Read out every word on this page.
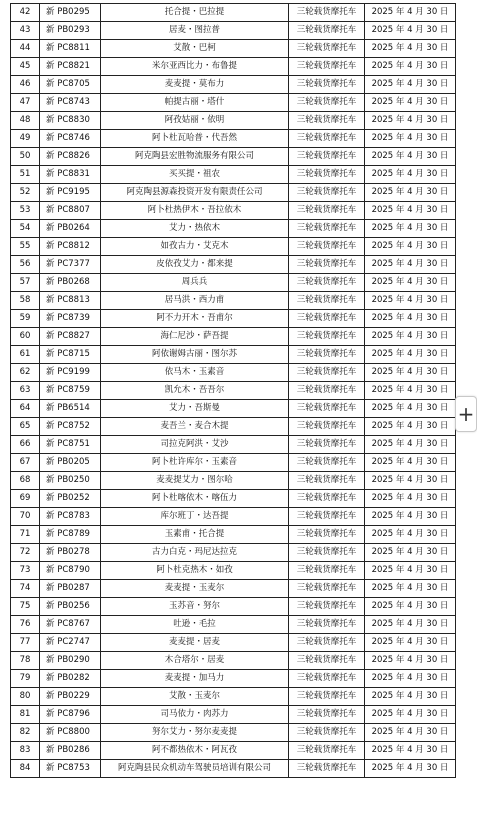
42	新 PB0295	托合提・巴拉提	三轮载货摩托车	2025 年 4 月 30 日
43	新 PB0293	居麦・图拉普	三轮载货摩托车	2025 年 4 月 30 日
44	新 PC8811	艾散・巴柯	三轮载货摩托车	2025 年 4 月 30 日
45	新 PC8821	米尔亚西比力・布鲁提	三轮载货摩托车	2025 年 4 月 30 日
46	新 PC8705	麦麦提・莫布力	三轮载货摩托车	2025 年 4 月 30 日
47	新 PC8743	帕提古丽・塔什	三轮载货摩托车	2025 年 4 月 30 日
48	新 PC8830	阿孜姑丽・依明	三轮载货摩托车	2025 年 4 月 30 日
49	新 PC8746	阿卜杜瓦哈普・代吾然	三轮载货摩托车	2025 年 4 月 30 日
50	新 PC8826	阿克陶县宏胜物流服务有限公司	三轮载货摩托车	2025 年 4 月 30 日
51	新 PC8831	买买提・祖农	三轮载货摩托车	2025 年 4 月 30 日
52	新 PC9195	阿克陶县源森投资开发有限责任公司	三轮载货摩托车	2025 年 4 月 30 日
53	新 PC8807	阿卜杜热伊木・吾拉依木	三轮载货摩托车	2025 年 4 月 30 日
54	新 PB0264	艾力・热依木	三轮载货摩托车	2025 年 4 月 30 日
55	新 PC8812	如孜古力・艾克木	三轮载货摩托车	2025 年 4 月 30 日
56	新 PC7377	皮依孜艾力・都来提	三轮载货摩托车	2025 年 4 月 30 日
57	新 PB0268	周兵兵	三轮载货摩托车	2025 年 4 月 30 日
58	新 PC8813	居马洪・西力甫	三轮载货摩托车	2025 年 4 月 30 日
59	新 PC8739	阿不力开木・吾甫尔	三轮载货摩托车	2025 年 4 月 30 日
60	新 PC8827	海仁尼沙・萨吾提	三轮载货摩托车	2025 年 4 月 30 日
61	新 PC8715	阿依谢姆古丽・图尔苏	三轮载货摩托车	2025 年 4 月 30 日
62	新 PC9199	依马木・玉素音	三轮载货摩托车	2025 年 4 月 30 日
63	新 PC8759	凯允木・吾吾尔	三轮载货摩托车	2025 年 4 月 30 日
64	新 PB6514	艾力・吾斯曼	三轮载货摩托车	2025 年 4 月 30 日
65	新 PC8752	麦吾兰・麦合木提	三轮载货摩托车	2025 年 4 月 30 日
66	新 PC8751	司拉克阿洪・艾沙	三轮载货摩托车	2025 年 4 月 30 日
67	新 PB0205	阿卜杜许库尔・玉素音	三轮载货摩托车	2025 年 4 月 30 日
68	新 PB0250	麦麦提艾力・图尔哈	三轮载货摩托车	2025 年 4 月 30 日
69	新 PB0252	阿卜杜喀依木・喀伍力	三轮载货摩托车	2025 年 4 月 30 日
70	新 PC8783	库尔班丁・达吾提	三轮载货摩托车	2025 年 4 月 30 日
71	新 PC8789	玉素甫・托合提	三轮载货摩托车	2025 年 4 月 30 日
72	新 PB0278	古力白克・玛尼达拉克	三轮载货摩托车	2025 年 4 月 30 日
73	新 PC8790	阿卜杜克热木・如孜	三轮载货摩托车	2025 年 4 月 30 日
74	新 PB0287	麦麦提・玉麦尔	三轮载货摩托车	2025 年 4 月 30 日
75	新 PB0256	玉苏音・努尔	三轮载货摩托车	2025 年 4 月 30 日
76	新 PC8767	吐逊・毛拉	三轮载货摩托车	2025 年 4 月 30 日
77	新 PC2747	麦麦提・居麦	三轮载货摩托车	2025 年 4 月 30 日
78	新 PB0290	木合塔尔・居麦	三轮载货摩托车	2025 年 4 月 30 日
79	新 PB0282	麦麦提・加马力	三轮载货摩托车	2025 年 4 月 30 日
80	新 PB0229	艾散・玉麦尔	三轮载货摩托车	2025 年 4 月 30 日
81	新 PC8796	司马依力・肉苏力	三轮载货摩托车	2025 年 4 月 30 日
82	新 PC8800	努尔艾力・努尔麦麦提	三轮载货摩托车	2025 年 4 月 30 日
83	新 PB0286	阿不都热依木・阿瓦孜	三轮载货摩托车	2025 年 4 月 30 日
84	新 PC8753	阿克陶县民众机动车驾驶员培训有限公司	三轮载货摩托车	2025 年 4 月 30 日
+
